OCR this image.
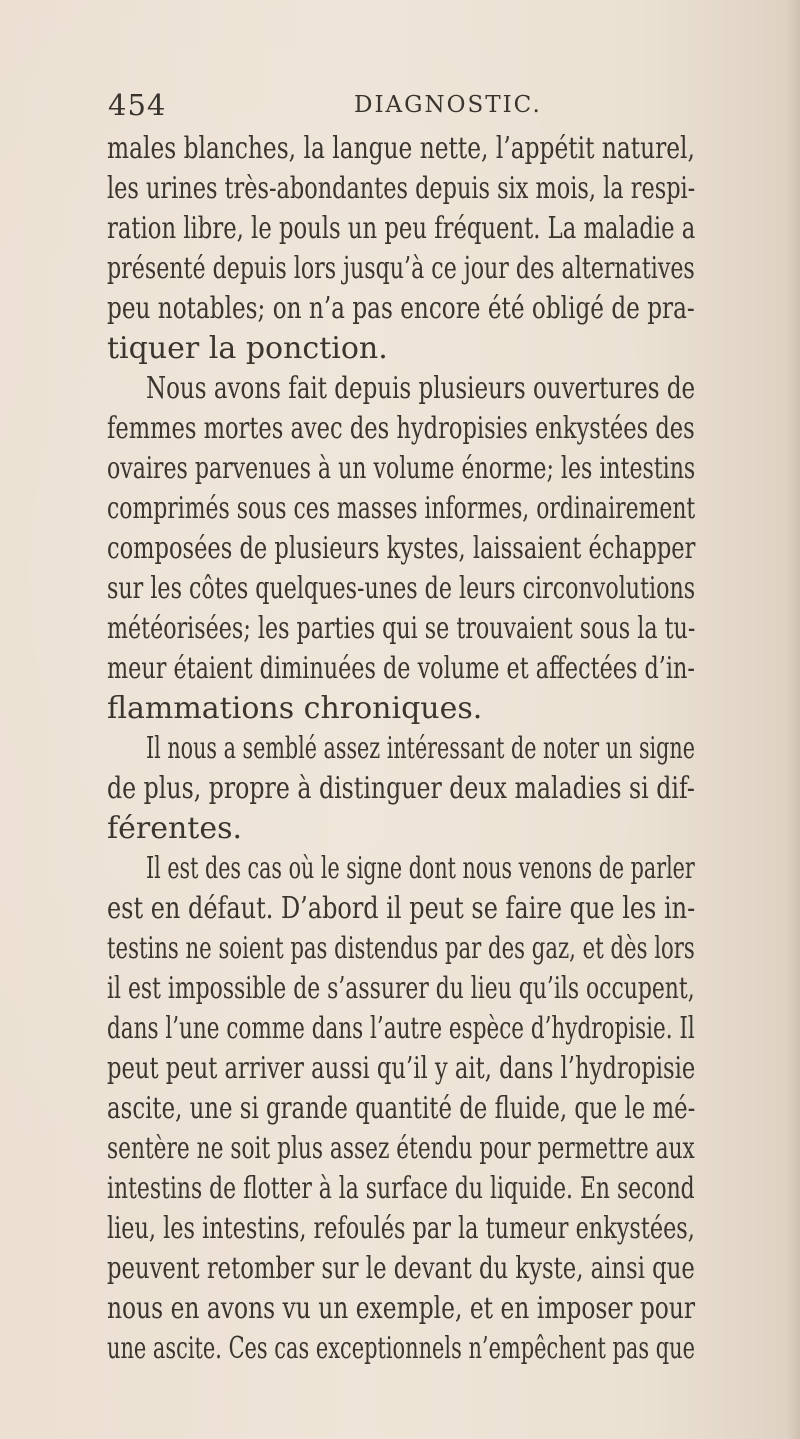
454	DIAGNOSTIC.
males blanches, la langue nette, l’appétit naturel,
les urines très-abondantes depuis six mois, la respi-
ration libre, le pouls un peu fréquent. La maladie a
présenté depuis lors jusqu’à ce jour des alternatives
peu notables; on n’a pas encore été obligé de pra-
tiquer la ponction.
Nous avons fait depuis plusieurs ouvertures de
femmes mortes avec des hydropisies enkystées des
ovaires parvenues à un volume énorme; les intestins
comprimés sous ces masses informes, ordinairement
composées de plusieurs kystes, laissaient échapper
sur les côtes quelques-unes de leurs circonvolutions
météorisées; les parties qui se trouvaient sous la tu-
meur étaient diminuées de volume et affectées d’in-
flammations chroniques.
Il nous a semblé assez intéressant de noter un signe
de plus, propre à distinguer deux maladies si dif-
férentes.
Il est des cas où le signe dont nous venons de parler
est en défaut. D’abord il peut se faire que les in-
testins ne soient pas distendus par des gaz, et dès lors
il est impossible de s’assurer du lieu qu’ils occupent,
dans l’une comme dans l’autre espèce d’hydropisie. Il
peut peut arriver aussi qu’il y ait, dans l’hydropisie
ascite, une si grande quantité de fluide, que le mé-
sentère ne soit plus assez étendu pour permettre aux
intestins de flotter à la surface du liquide. En second
lieu, les intestins, refoulés par la tumeur enkystées,
peuvent retomber sur le devant du kyste, ainsi que
nous en avons vu un exemple, et en imposer pour
une ascite. Ces cas exceptionnels n’empêchent pas que
